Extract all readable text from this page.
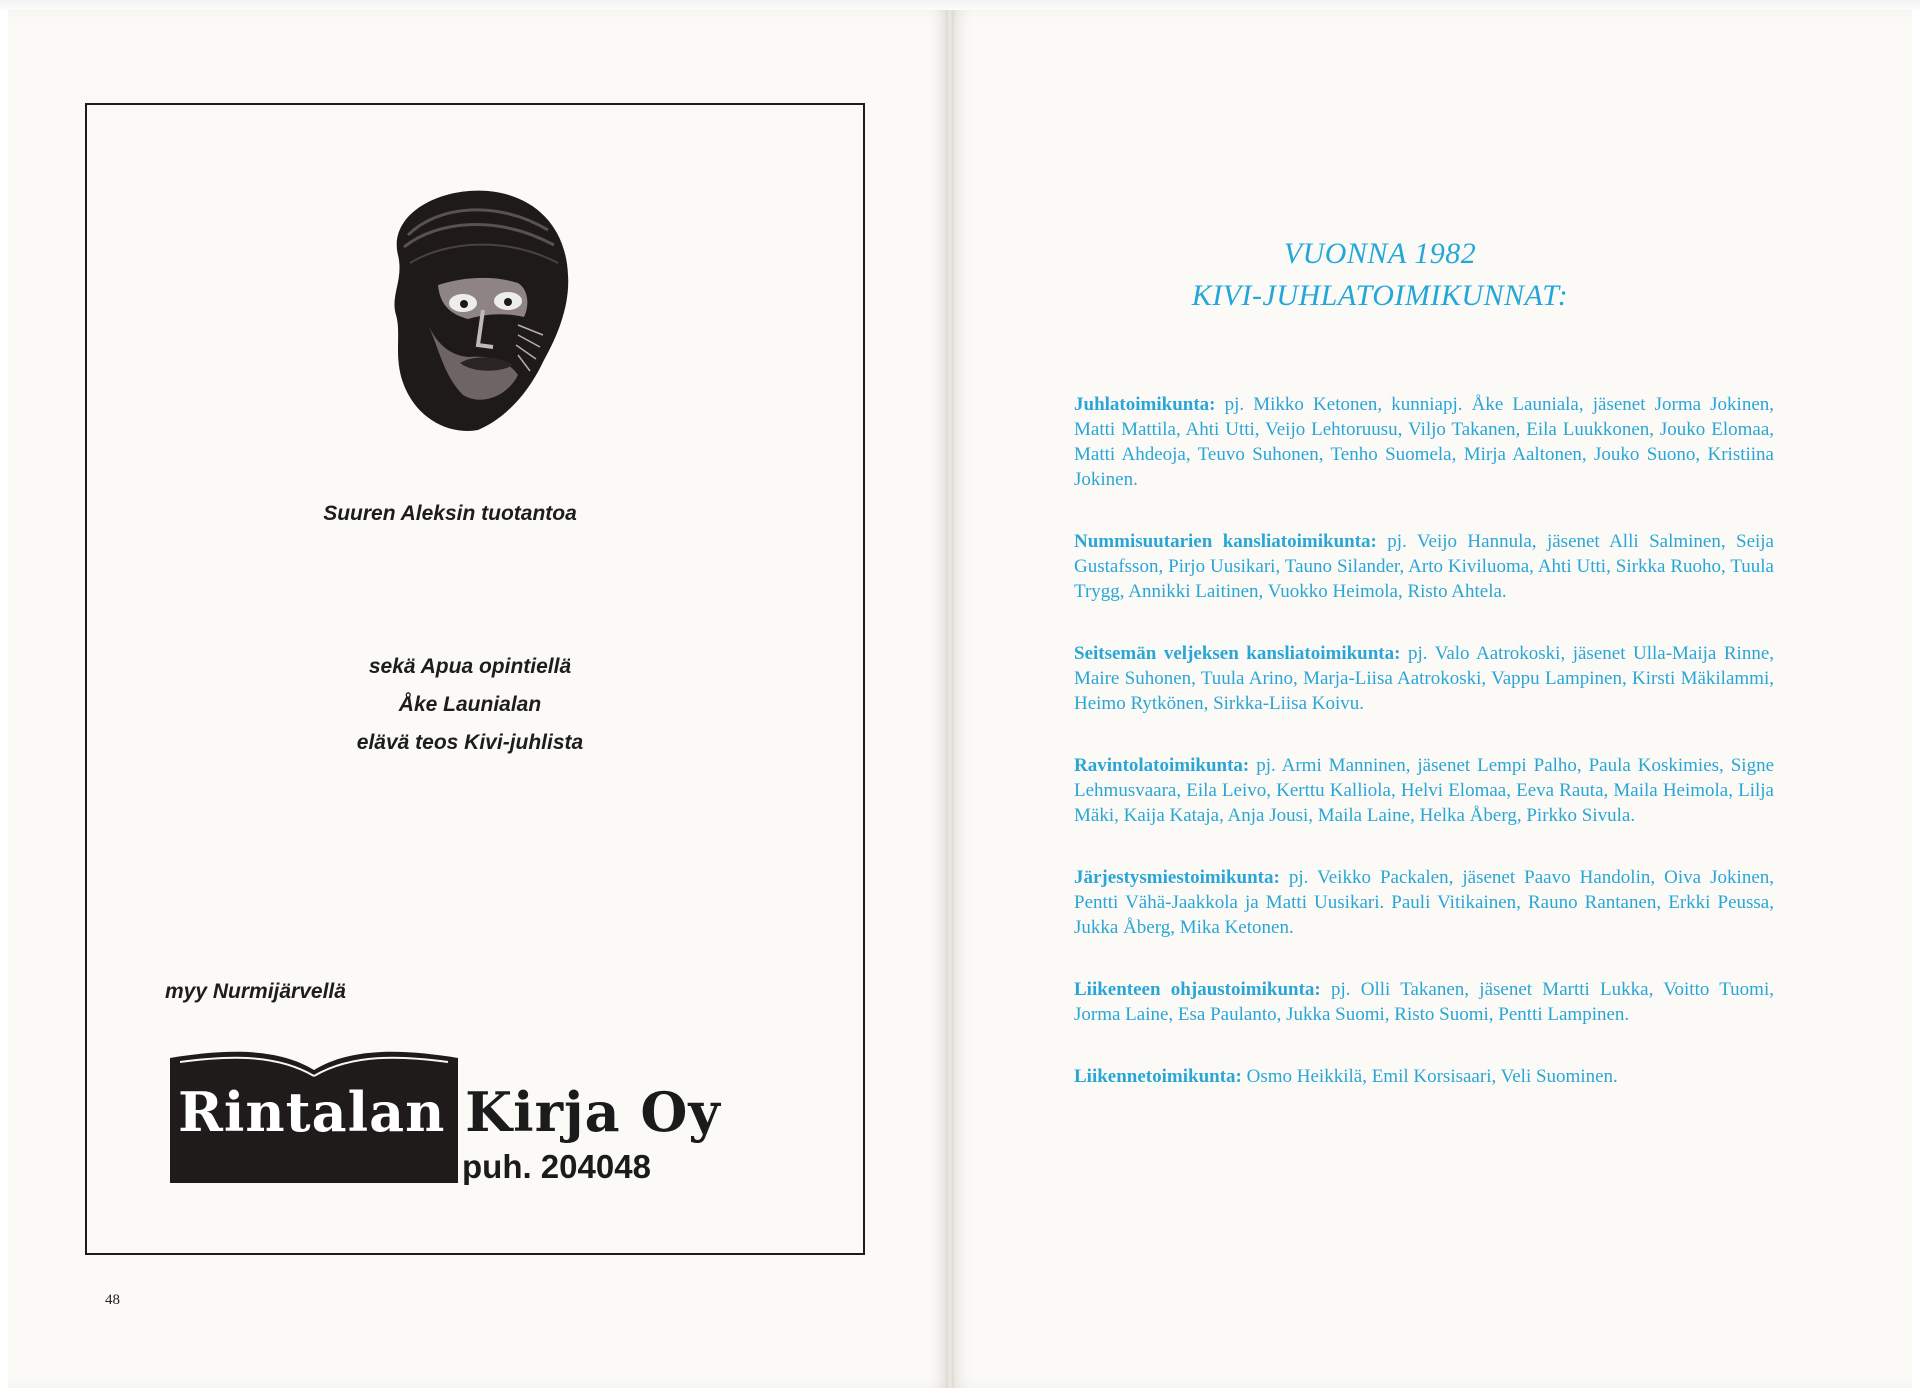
Suuren Aleksin tuotantoa
sekä Apua opintiellä
Åke Launialan
elävä teos Kivi-juhlista
myy Nurmijärvellä
Rintalan Kirja Oy
puh. 204048
48
VUONNA 1982
KIVI-JUHLATOIMIKUNNAT:

Juhlatoimikunta: pj. Mikko Ketonen, kunniapj. Åke Launiala, jäsenet Jorma Jokinen, Matti Mattila, Ahti Utti, Veijo Lehtoruusu, Viljo Takanen, Eila Luukkonen, Jouko Elomaa, Matti Ahdeoja, Teuvo Suhonen, Tenho Suomela, Mirja Aaltonen, Jouko Suono, Kristiina Jokinen.

Nummisuutarien kansliatoimikunta: pj. Veijo Hannula, jäsenet Alli Salminen, Seija Gustafsson, Pirjo Uusikari, Tauno Silander, Arto Kiviluoma, Ahti Utti, Sirkka Ruoho, Tuula Trygg, Annikki Laitinen, Vuokko Heimola, Risto Ahtela.

Seitsemän veljeksen kansliatoimikunta: pj. Valo Aatrokoski, jäsenet Ulla-Maija Rinne, Maire Suhonen, Tuula Arino, Marja-Liisa Aatrokoski, Vappu Lampinen, Kirsti Mäkilammi, Heimo Rytkönen, Sirkka-Liisa Koivu.

Ravintolatoimikunta: pj. Armi Manninen, jäsenet Lempi Palho, Paula Koskimies, Signe Lehmusvaara, Eila Leivo, Kerttu Kalliola, Helvi Elomaa, Eeva Rauta, Maila Heimola, Lilja Mäki, Kaija Kataja, Anja Jousi, Maila Laine, Helka Åberg, Pirkko Sivula.

Järjestysmiestoimikunta: pj. Veikko Packalen, jäsenet Paavo Handolin, Oiva Jokinen, Pentti Vähä-Jaakkola ja Matti Uusikari. Pauli Vitikainen, Rauno Rantanen, Erkki Peussa, Jukka Åberg, Mika Ketonen.

Liikenteen ohjaustoimikunta: pj. Olli Takanen, jäsenet Martti Lukka, Voitto Tuomi, Jorma Laine, Esa Paulanto, Jukka Suomi, Risto Suomi, Pentti Lampinen.

Liikennetoimikunta: Osmo Heikkilä, Emil Korsisaari, Veli Suominen.
